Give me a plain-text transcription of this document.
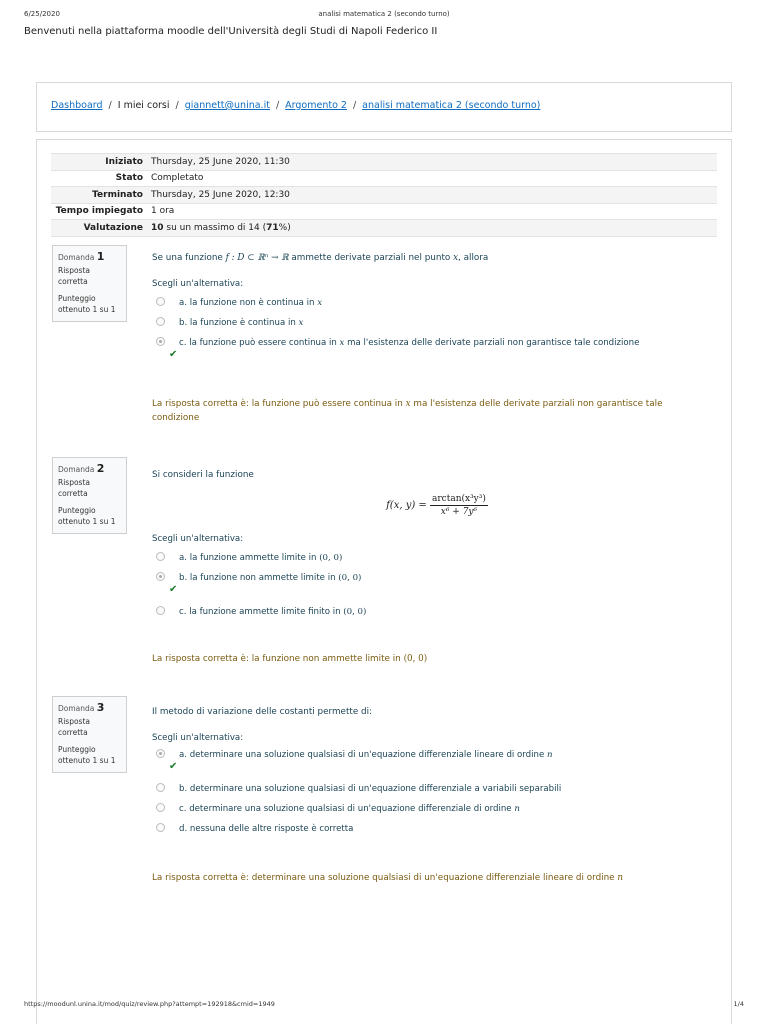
6/25/2020	analisi matematica 2 (secondo turno)
Benvenuti nella piattaforma moodle dell'Università degli Studi di Napoli Federico II
Dashboard / I miei corsi / giannett@unina.it / Argomento 2 / analisi matematica 2 (secondo turno)
Iniziato Thursday, 25 June 2020, 11:30
Stato Completato
Terminato Thursday, 25 June 2020, 12:30
Tempo impiegato 1 ora
Valutazione 10 su un massimo di 14 (71%)
Domanda 1
Risposta corretta
Punteggio ottenuto 1 su 1
Se una funzione f : D ⊂ ℝⁿ → ℝ ammette derivate parziali nel punto x, allora
Scegli un'alternativa:
a. la funzione non è continua in x
b. la funzione è continua in x
c. la funzione può essere continua in x ma l'esistenza delle derivate parziali non garantisce tale condizione
✔
La risposta corretta è: la funzione può essere continua in x ma l'esistenza delle derivate parziali non garantisce tale condizione
Domanda 2
Risposta corretta
Punteggio ottenuto 1 su 1
Si consideri la funzione
f(x, $y) = \frac{\text{arctan(x³y³)}}{\text{x⁶ + 7y⁶}}$
Scegli un'alternativa:
a. la funzione ammette limite in (0, 0)
b. la funzione non ammette limite in (0, 0)
✔
c. la funzione ammette limite finito in (0, 0)
La risposta corretta è: la funzione non ammette limite in (0, 0)
Domanda 3
Risposta corretta
Punteggio ottenuto 1 su 1
Il metodo di variazione delle costanti permette di:
Scegli un'alternativa:
a. determinare una soluzione qualsiasi di un'equazione differenziale lineare di ordine n
✔
b. determinare una soluzione qualsiasi di un'equazione differenziale a variabili separabili
c. determinare una soluzione qualsiasi di un'equazione differenziale di ordine n
d. nessuna delle altre risposte è corretta
La risposta corretta è: determinare una soluzione qualsiasi di un'equazione differenziale lineare di ordine n
https://moodunl.unina.it/mod/quiz/review.php?attempt=192918&cmid=1949	1/4
